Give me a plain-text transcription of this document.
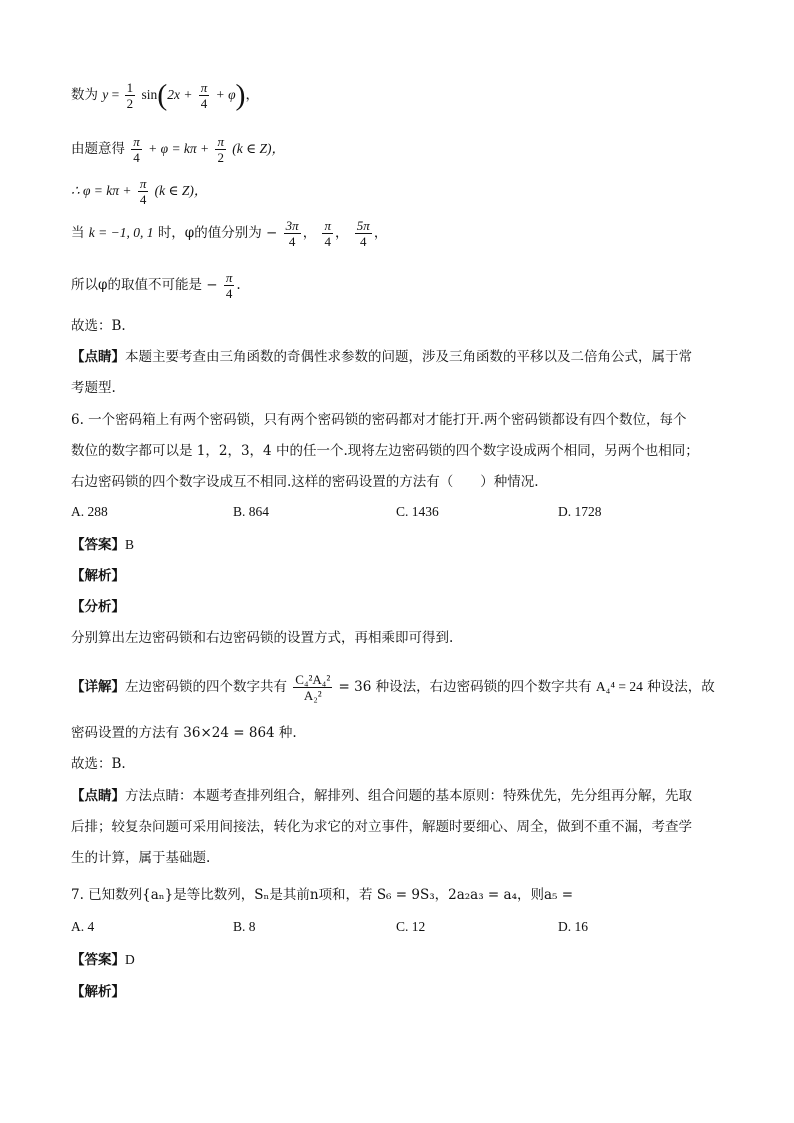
数为 $y = \frac{1}{2} \sin(2x + \frac{\pi}{4} + \varphi)$，
由题意得 $\frac{\pi}{4} + \varphi = k\pi + \frac{\pi}{2} (k$ ∈ Z)，
∴ $\varphi = k\pi + \frac{\pi}{4} (k$ ∈ Z)，
当 k = −1, 0, 1 时，φ的值分别为 − $\frac{3\pi}{4}$ ， $\frac{\pi}{4}$ ， $\frac{5\pi}{4}$ ，
所以φ的取值不可能是 − $\frac{\pi}{4}$ .
故选：B.
【点睛】本题主要考查由三角函数的奇偶性求参数的问题，涉及三角函数的平移以及二倍角公式，属于常
考题型.
6. 一个密码箱上有两个密码锁，只有两个密码锁的密码都对才能打开.两个密码锁都设有四个数位，每个
数位的数字都可以是 1，2，3，4 中的任一个.现将左边密码锁的四个数字设成两个相同，另两个也相同；
右边密码锁的四个数字设成互不相同.这样的密码设置的方法有（　　）种情况.
A. 288	B. 864	C. 1436	D. 1728
【答案】B
【解析】
【分析】
分别算出左边密码锁和右边密码锁的设置方式，再相乘即可得到.
【详解】左边密码锁的四个数字共有 $\frac{\text{C₄²A₄²}}{\text{A₂²}} = 36$ 种设法，右边密码锁的四个数字共有 A₄⁴ = 24 种设法，故
密码设置的方法有 36×24 = 864 种.
故选：B.
【点睛】方法点睛：本题考查排列组合，解排列、组合问题的基本原则：特殊优先，先分组再分解，先取
后排；较复杂问题可采用间接法，转化为求它的对立事件，解题时要细心、周全，做到不重不漏，考查学
生的计算，属于基础题.
7. 已知数列{aₙ}是等比数列，Sₙ是其前n项和，若 S₆ = 9S₃，2a₂a₃ = a₄，则a₅ =
A. 4	B. 8	C. 12	D. 16
【答案】D
【解析】
